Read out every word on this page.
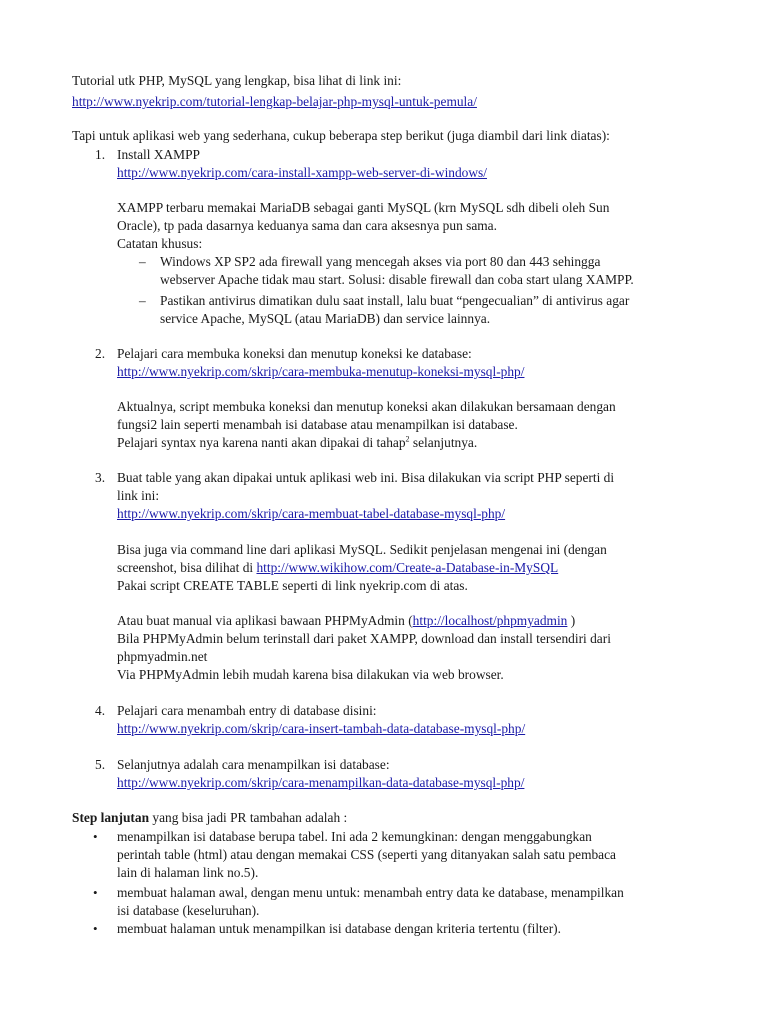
Tutorial utk PHP, MySQL yang lengkap, bisa lihat di link ini:
http://www.nyekrip.com/tutorial-lengkap-belajar-php-mysql-untuk-pemula/
Tapi untuk aplikasi web yang sederhana, cukup beberapa step berikut (juga diambil dari link diatas):
1. Install XAMPP
http://www.nyekrip.com/cara-install-xampp-web-server-di-windows/
XAMPP terbaru memakai MariaDB sebagai ganti MySQL (krn MySQL sdh dibeli oleh Sun
Oracle), tp pada dasarnya keduanya sama dan cara aksesnya pun sama.
Catatan khusus:
– Windows XP SP2 ada firewall yang mencegah akses via port 80 dan 443 sehingga
webserver Apache tidak mau start. Solusi: disable firewall dan coba start ulang XAMPP.
– Pastikan antivirus dimatikan dulu saat install, lalu buat “pengecualian” di antivirus agar
service Apache, MySQL (atau MariaDB) dan service lainnya.
2. Pelajari cara membuka koneksi dan menutup koneksi ke database:
http://www.nyekrip.com/skrip/cara-membuka-menutup-koneksi-mysql-php/
Aktualnya, script membuka koneksi dan menutup koneksi akan dilakukan bersamaan dengan
fungsi2 lain seperti menambah isi database atau menampilkan isi database.
Pelajari syntax nya karena nanti akan dipakai di tahap$^2$ selanjutnya.
3. Buat table yang akan dipakai untuk aplikasi web ini. Bisa dilakukan via script PHP seperti di
link ini:
http://www.nyekrip.com/skrip/cara-membuat-tabel-database-mysql-php/
Bisa juga via command line dari aplikasi MySQL. Sedikit penjelasan mengenai ini (dengan
screenshot, bisa dilihat di http://www.wikihow.com/Create-a-Database-in-MySQL
Pakai script CREATE TABLE seperti di link nyekrip.com di atas.
Atau buat manual via aplikasi bawaan PHPMyAdmin (http://localhost/phpmyadmin )
Bila PHPMyAdmin belum terinstall dari paket XAMPP, download dan install tersendiri dari
phpmyadmin.net
Via PHPMyAdmin lebih mudah karena bisa dilakukan via web browser.
4. Pelajari cara menambah entry di database disini:
http://www.nyekrip.com/skrip/cara-insert-tambah-data-database-mysql-php/
5. Selanjutnya adalah cara menampilkan isi database:
http://www.nyekrip.com/skrip/cara-menampilkan-data-database-mysql-php/
Step lanjutan yang bisa jadi PR tambahan adalah :
• menampilkan isi database berupa tabel. Ini ada 2 kemungkinan: dengan menggabungkan
perintah table (html) atau dengan memakai CSS (seperti yang ditanyakan salah satu pembaca
lain di halaman link no.5).
• membuat halaman awal, dengan menu untuk: menambah entry data ke database, menampilkan
isi database (keseluruhan).
• membuat halaman untuk menampilkan isi database dengan kriteria tertentu (filter).
